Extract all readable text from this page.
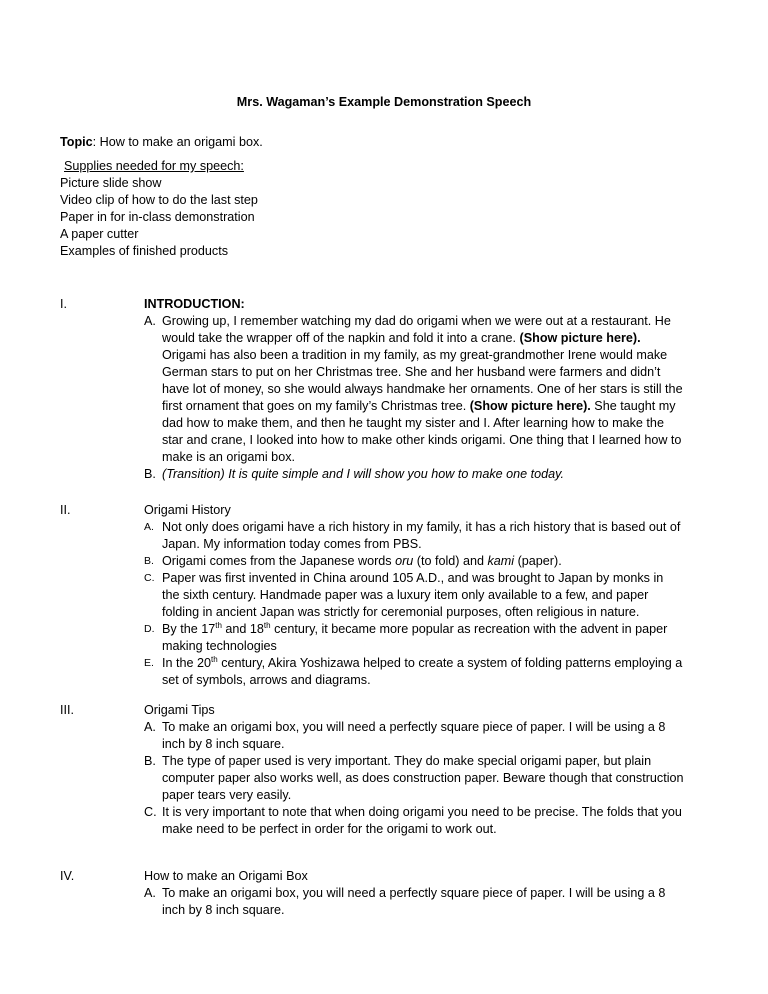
Mrs. Wagaman’s Example Demonstration Speech

Topic: How to make an origami box.

Supplies needed for my speech:
Picture slide show
Video clip of how to do the last step
Paper in for in-class demonstration
A paper cutter
Examples of finished products
I.	INTRODUCTION:
A. Growing up, I remember watching my dad do origami when we were out at a restaurant. He would take the wrapper off of the napkin and fold it into a crane. (Show picture here). Origami has also been a tradition in my family, as my great-grandmother Irene would make German stars to put on her Christmas tree. She and her husband were farmers and didn’t have lot of money, so she would always handmake her ornaments. One of her stars is still the first ornament that goes on my family’s Christmas tree. (Show picture here). She taught my dad how to make them, and then he taught my sister and I. After learning how to make the star and crane, I looked into how to make other kinds origami. One thing that I learned how to make is an origami box.
B. (Transition) It is quite simple and I will show you how to make one today.
II.	Origami History
A. Not only does origami have a rich history in my family, it has a rich history that is based out of Japan. My information today comes from PBS.
B. Origami comes from the Japanese words oru (to fold) and kami (paper).
C. Paper was first invented in China around 105 A.D., and was brought to Japan by monks in the sixth century. Handmade paper was a luxury item only available to a few, and paper folding in ancient Japan was strictly for ceremonial purposes, often religious in nature.
D. By the 17th and 18th century, it became more popular as recreation with the advent in paper making technologies
E. In the 20th century, Akira Yoshizawa helped to create a system of folding patterns employing a set of symbols, arrows and diagrams.
III.	Origami Tips
A. To make an origami box, you will need a perfectly square piece of paper. I will be using a 8 inch by 8 inch square.
B. The type of paper used is very important. They do make special origami paper, but plain computer paper also works well, as does construction paper. Beware though that construction paper tears very easily.
C. It is very important to note that when doing origami you need to be precise. The folds that you make need to be perfect in order for the origami to work out.
IV.	How to make an Origami Box
A. To make an origami box, you will need a perfectly square piece of paper. I will be using a 8 inch by 8 inch square.
